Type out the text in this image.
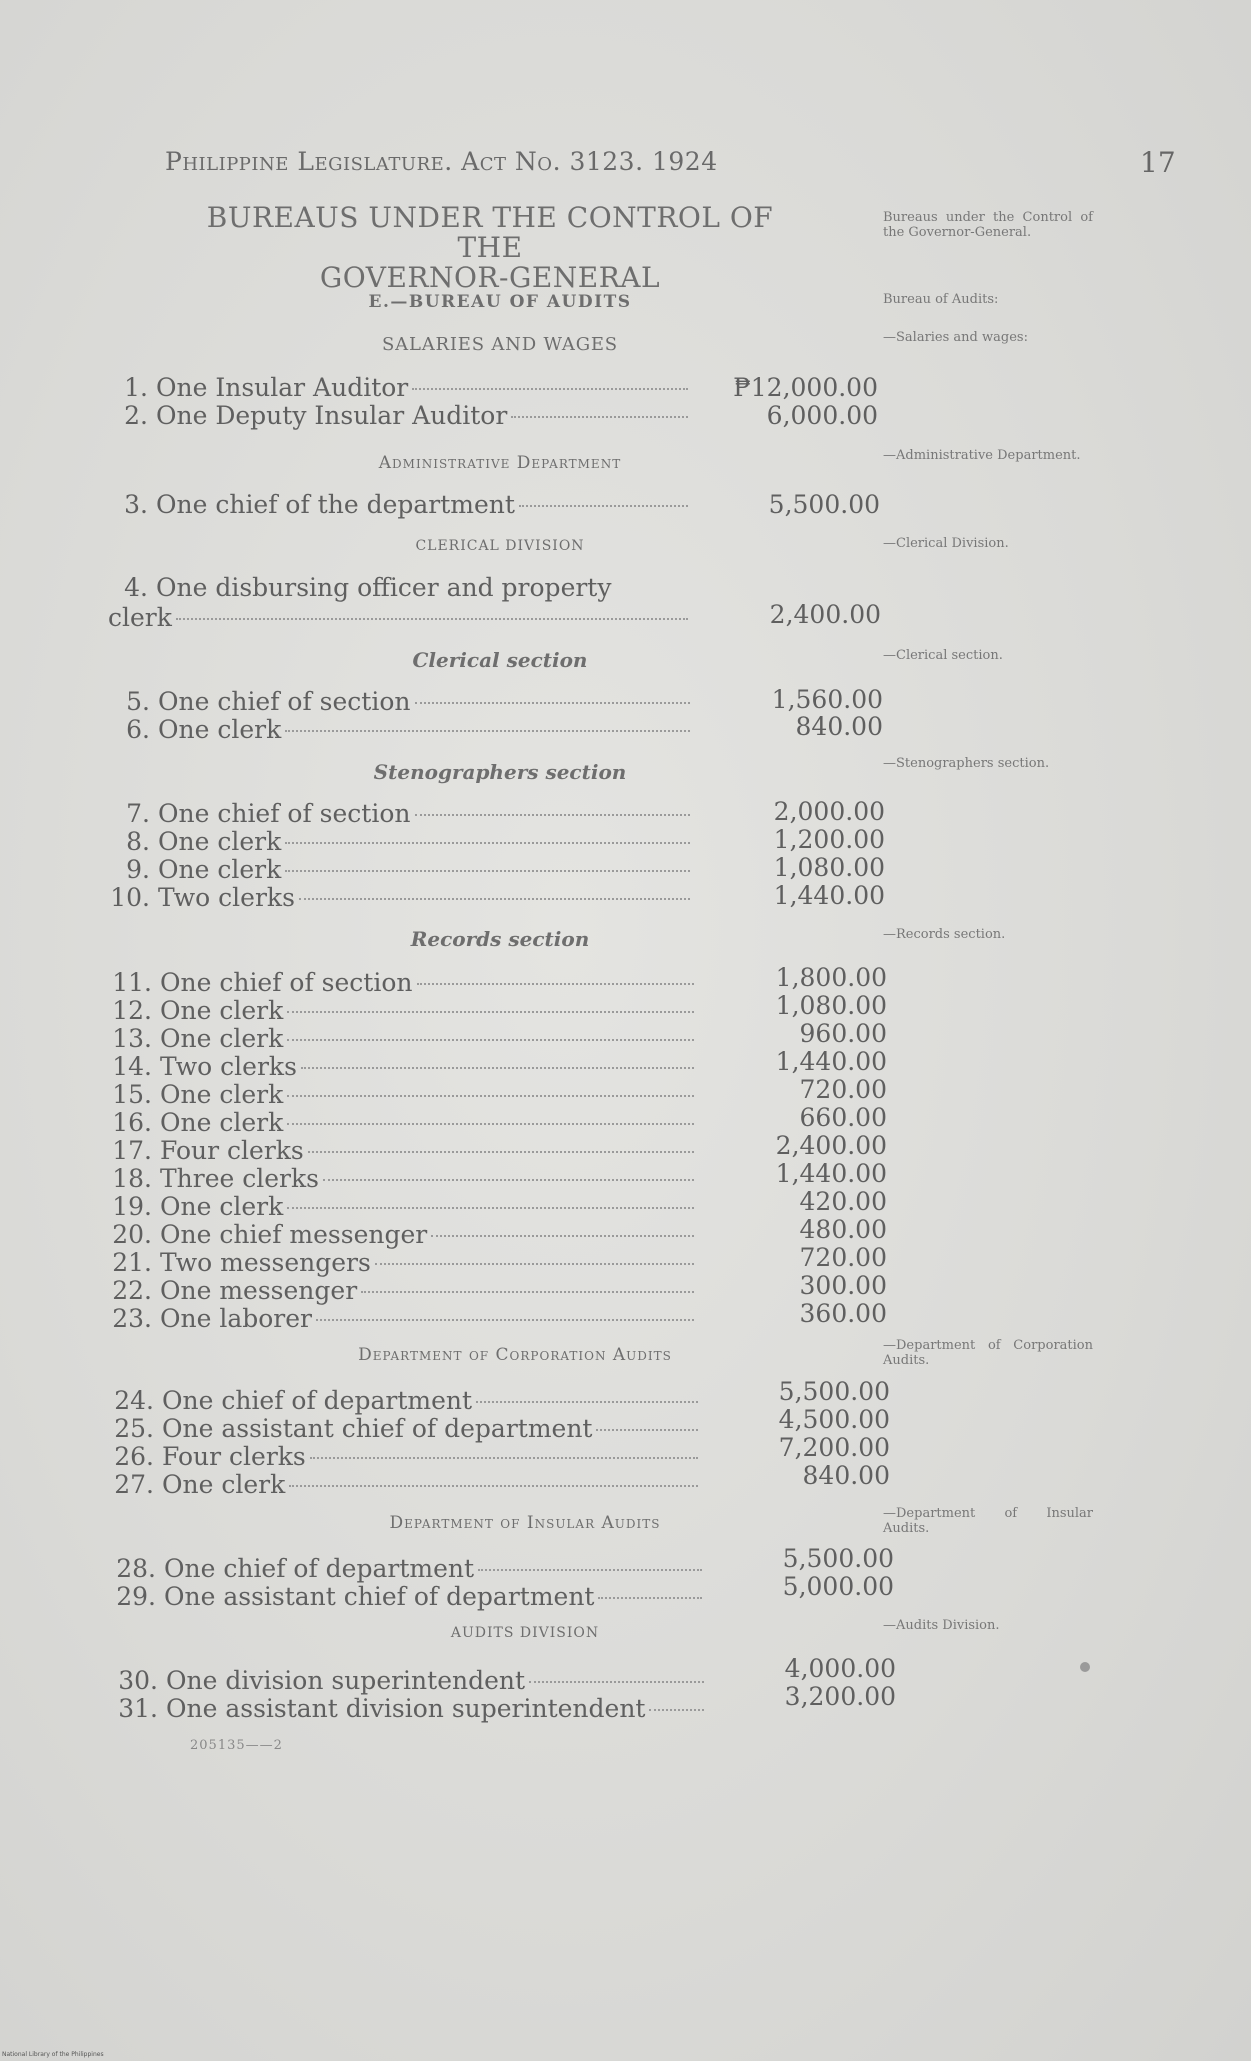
Philippine Legislature. Act No. 3123. 1924	17
BUREAUS UNDER THE CONTROL OF THE
GOVERNOR-GENERAL
E.—BUREAU OF AUDITS
SALARIES AND WAGES
Administrative Department
CLERICAL DIVISION
Clerical section
Stenographers section
Records section
Department of Corporation Audits
Department of Insular Audits
AUDITS DIVISION
1. One Insular Auditor	₱12,000.00
2. One Deputy Insular Auditor	6,000.00
3. One chief of the department	5,500.00
4. One disbursing officer and property
clerk	2,400.00
5. One chief of section	1,560.00
6. One clerk	840.00
7. One chief of section	2,000.00
8. One clerk	1,200.00
9. One clerk	1,080.00
10. Two clerks	1,440.00
11. One chief of section	1,800.00
12. One clerk	1,080.00
13. One clerk	960.00
14. Two clerks	1,440.00
15. One clerk	720.00
16. One clerk	660.00
17. Four clerks	2,400.00
18. Three clerks	1,440.00
19. One clerk	420.00
20. One chief messenger	480.00
21. Two messengers	720.00
22. One messenger	300.00
23. One laborer	360.00
24. One chief of department	5,500.00
25. One assistant chief of department	4,500.00
26. Four clerks	7,200.00
27. One clerk	840.00
28. One chief of department	5,500.00
29. One assistant chief of department	5,000.00
30. One division superintendent	4,000.00
31. One assistant division superintendent	3,200.00
Bureaus under the Control of the Governor-General.
Bureau of Audits:
—Salaries and wages:
—Administrative Department.
—Clerical Division.
—Clerical section.
—Stenographers section.
—Records section.
—Department of Corporation Audits.
—Department of Insular Audits.
—Audits Division.
205135——2
National Library of the Philippines
